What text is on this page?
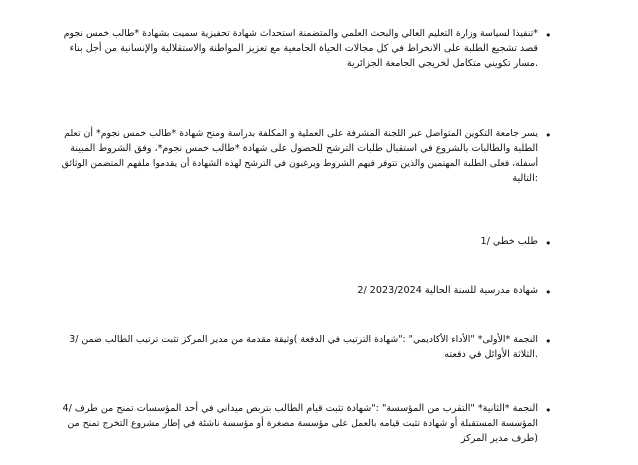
•
*تنفيذا لسياسة وزارة التعليم العالي والبحث العلمي والمتضمنة استحداث شهادة تحفيزية سميت بشهادة *طالب خمس نجوم
قصد تشجيع الطلبة على الانخراط في كل مجالات الحياة الجامعية مع تعزيز المواطنة والاستقلالية والإنسانية من أجل بناء
.مسار تكويني متكامل لخريجي الجامعة الجزائرية
•
يسر جامعة التكوين المتواصل عبر اللجنة المشرفة على العملية و المكلفة بدراسة ومنح شهادة *طالب خمس نجوم* أن تعلم
الطلبة والطالبات بالشروع في استقبال طلبات الترشح للحصول على شهادة *طالب خمس نجوم*، وفق الشروط المبينة
أسفله، فعلى الطلبة المهتمين والذين تتوفر فيهم الشروط ويرغبون في الترشح لهذه الشهادة أن يقدموا ملفهم المتضمن الوثائق
:التالية
•
طلب خطي /1
•
شهادة مدرسية للسنة الحالية 2023/2024 /2
•
النجمة *الأولى* "الأداء الأكاديمي" :"شهادة الترتيب في الدفعة )وثيقة مقدمة من مدير المركز تثبت ترتيب الطالب ضمن /3
.الثلاثة الأوائل في دفعته
•
النجمة *الثانية* "التقرب من المؤسسة" :"شهادة تثبت قيام الطالب بتربص ميداني في أحد المؤسسات تمنح من طرف /4
المؤسسة المستقبلة أو شهادة تثبت قيامه بالعمل على مؤسسة مصغرة أو مؤسسة ناشئة في إطار مشروع التخرج تمنح من
(طرف مدير المركز
